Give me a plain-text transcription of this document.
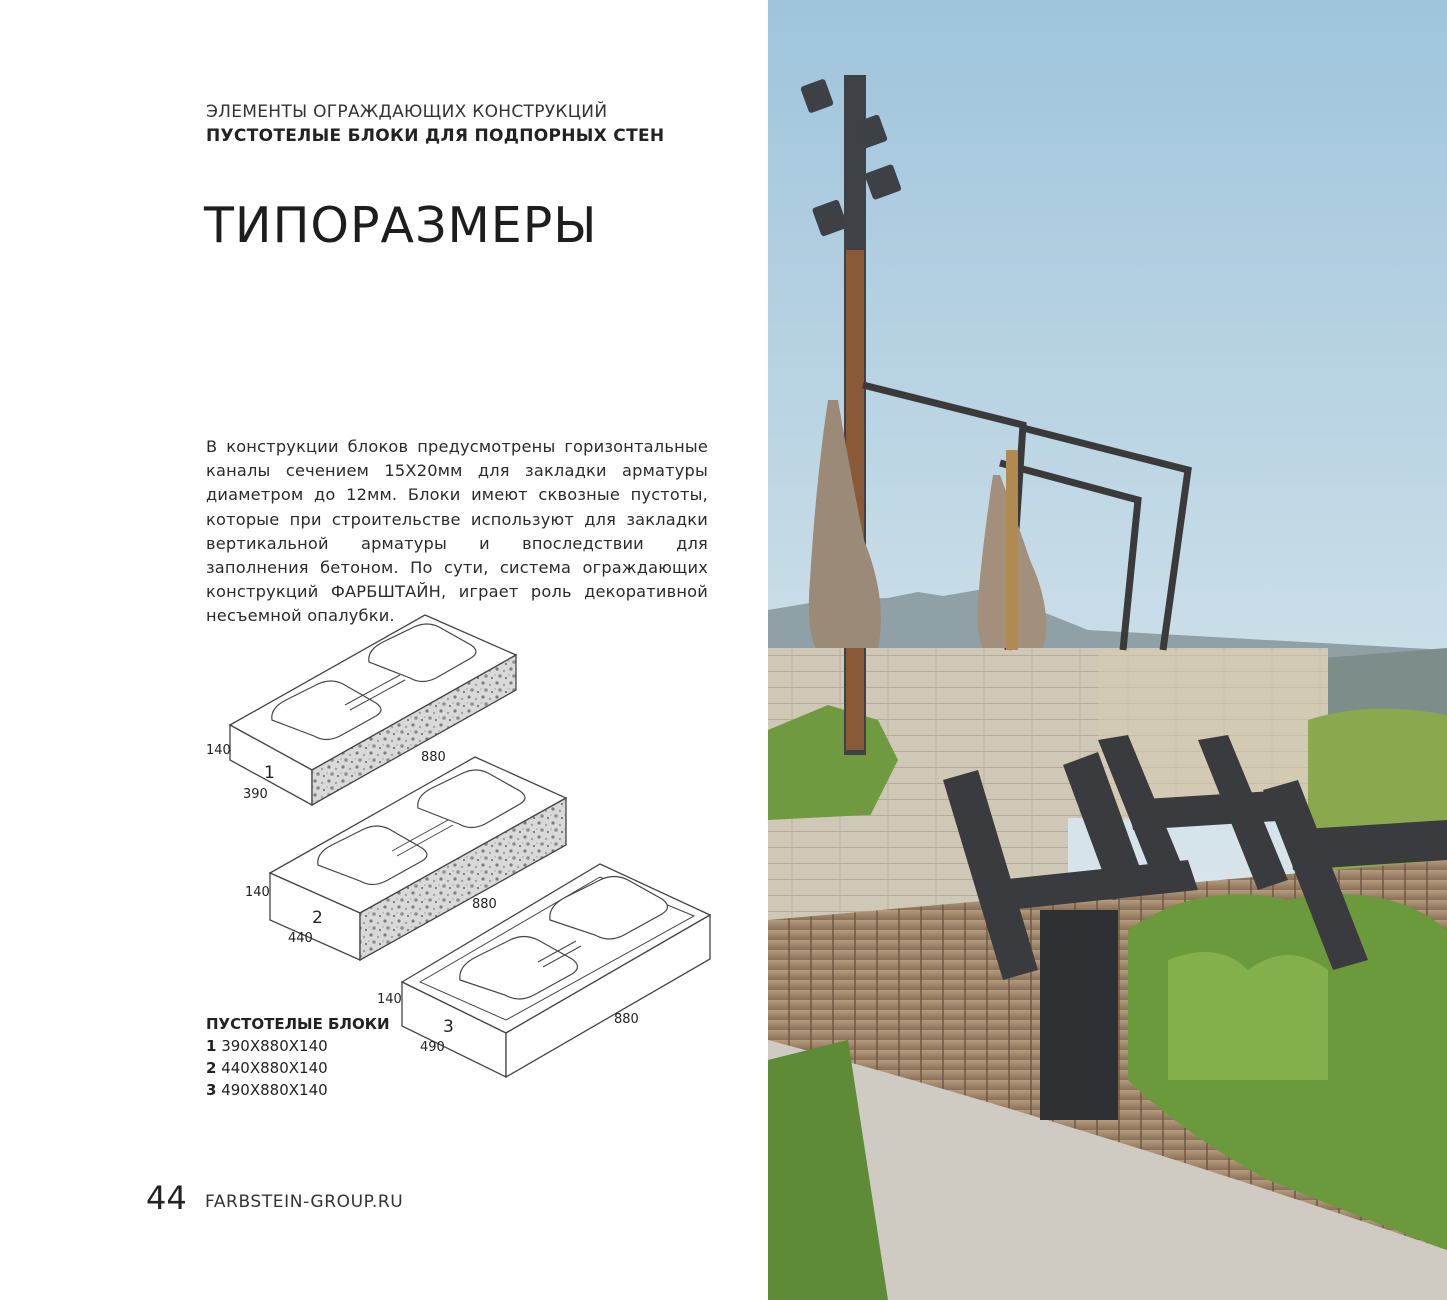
ЭЛЕМЕНТЫ ОГРАЖДАЮЩИХ КОНСТРУКЦИЙ
ПУСТОТЕЛЫЕ БЛОКИ ДЛЯ ПОДПОРНЫХ СТЕН
ТИПОРАЗМЕРЫ

В конструкции блоков предусмотрены горизонтальные каналы сечением 15Х20мм для закладки арматуры диаметром до 12мм. Блоки имеют сквозные пустоты, которые при строительстве используют для закладки вертикальной арматуры и впоследствии для заполнения бетоном. По сути, система ограждающих конструкций ФАРБШТАЙН, играет роль декоративной несъемной опалубки.

140	880
390
1
140
880
440
2
140
880
490
3
ПУСТОТЕЛЫЕ БЛОКИ
1 390Х880Х140
2 440Х880Х140
3 490Х880Х140
44 FARBSTEIN-GROUP.RU
